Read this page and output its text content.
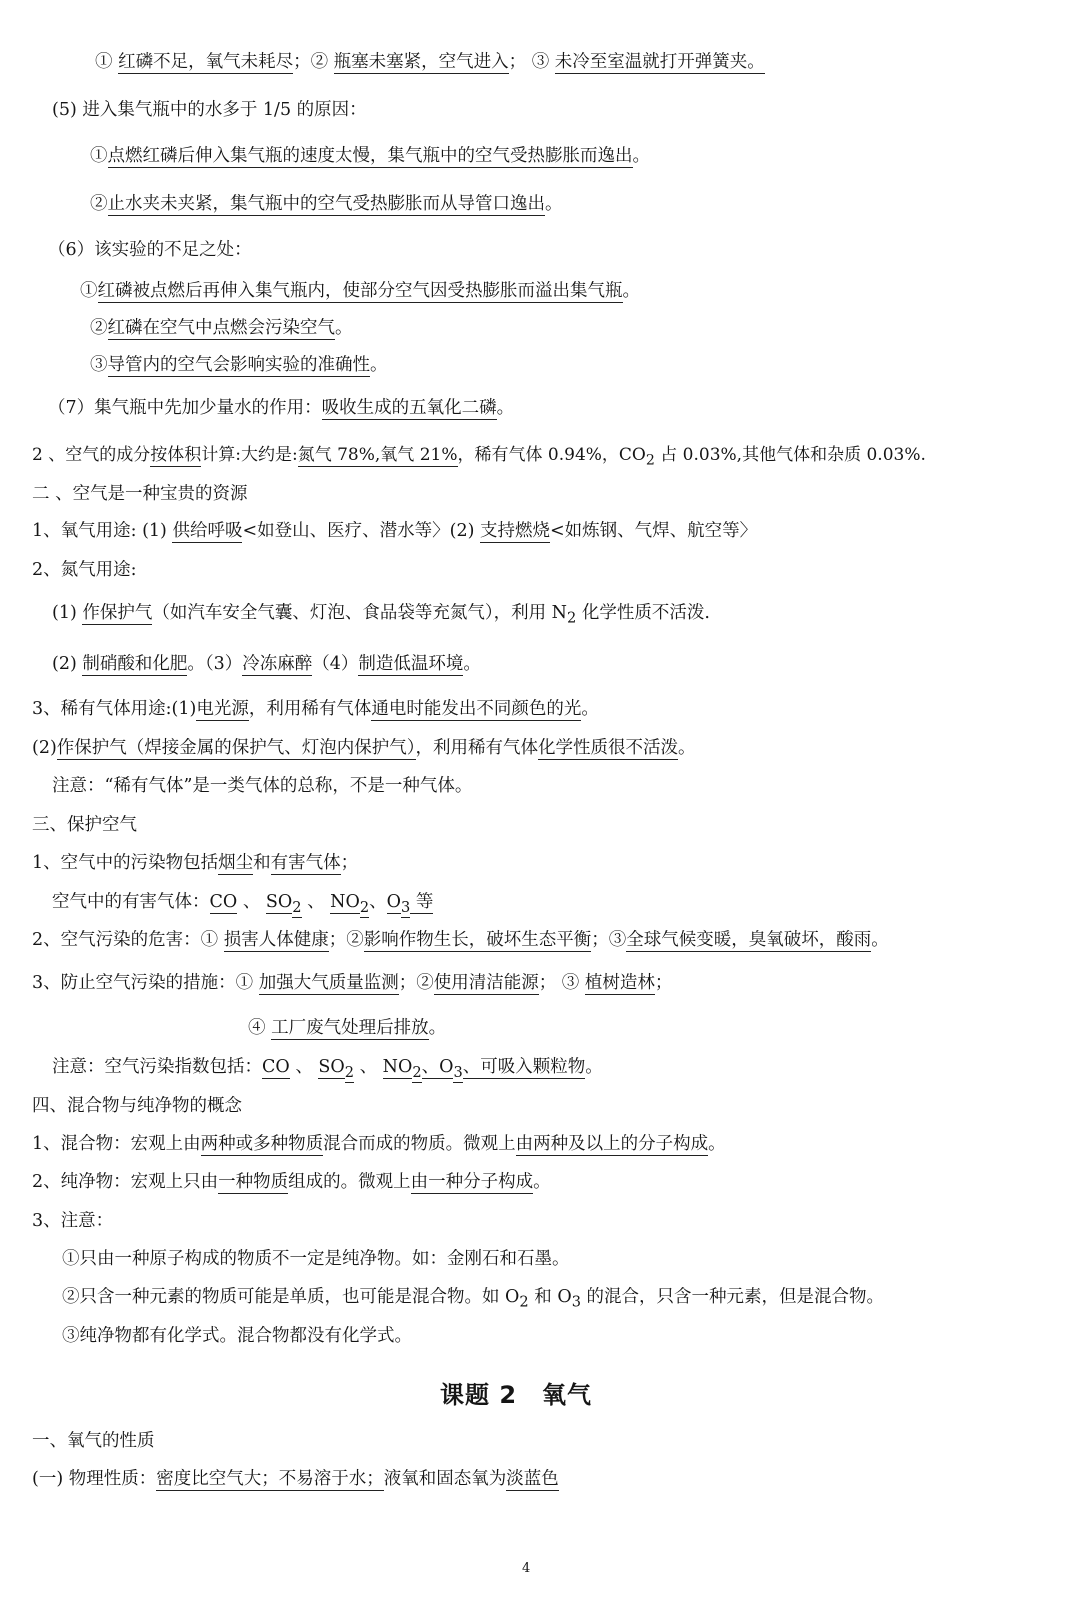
① 红磷不足，氧气未耗尽；② 瓶塞未塞紧，空气进入； ③ 未冷至室温就打开弹簧夹。
(5) 进入集气瓶中的水多于 1/5 的原因：
①点燃红磷后伸入集气瓶的速度太慢，集气瓶中的空气受热膨胀而逸出。
②止水夹未夹紧，集气瓶中的空气受热膨胀而从导管口逸出。
（6）该实验的不足之处：
①红磷被点燃后再伸入集气瓶内，使部分空气因受热膨胀而溢出集气瓶。
②红磷在空气中点燃会污染空气。
③导管内的空气会影响实验的准确性。
（7）集气瓶中先加少量水的作用：吸收生成的五氧化二磷。
2 、空气的成分按体积计算:大约是:氮气 78%,氧气 21%，稀有气体 0.94%，$CO_2$ 占 0.03%,其他气体和杂质 0.03%.
二 、空气是一种宝贵的资源
1、氧气用途: (1) 供给呼吸<如登山、医疗、潜水等〉(2) 支持燃烧<如炼钢、气焊、航空等〉
2、氮气用途:
(1) 作保护气（如汽车安全气囊、灯泡、食品袋等充氮气），利用 $N_2$ 化学性质不活泼.
(2) 制硝酸和化肥。（3）冷冻麻醉（4）制造低温环境。
3、稀有气体用途:(1)电光源，利用稀有气体通电时能发出不同颜色的光。
(2)作保护气（焊接金属的保护气、灯泡内保护气），利用稀有气体化学性质很不活泼。
注意：“稀有气体”是一类气体的总称，不是一种气体。
三、保护空气
1、空气中的污染物包括烟尘和有害气体；
空气中的有害气体：CO 、 $SO_2$ 、 $NO_2$、$O_3$ 等
2、空气污染的危害：① 损害人体健康；②影响作物生长，破坏生态平衡；③全球气候变暖，臭氧破坏，酸雨。
3、防止空气污染的措施：① 加强大气质量监测；②使用清洁能源； ③ 植树造林；
④ 工厂废气处理后排放。
注意：空气污染指数包括：CO 、 $SO_2$ 、 $NO_2$、$O_3$、可吸入颗粒物。
四、混合物与纯净物的概念
1、混合物：宏观上由两种或多种物质混合而成的物质。微观上由两种及以上的分子构成。
2、纯净物：宏观上只由一种物质组成的。微观上由一种分子构成。
3、注意：
①只由一种原子构成的物质不一定是纯净物。如：金刚石和石墨。
②只含一种元素的物质可能是单质，也可能是混合物。如 $O_2$ 和 $O_3$ 的混合，只含一种元素，但是混合物。
③纯净物都有化学式。混合物都没有化学式。
课题 2　氧气
一、氧气的性质
(一) 物理性质：密度比空气大；不易溶于水；液氧和固态氧为淡蓝色
4
